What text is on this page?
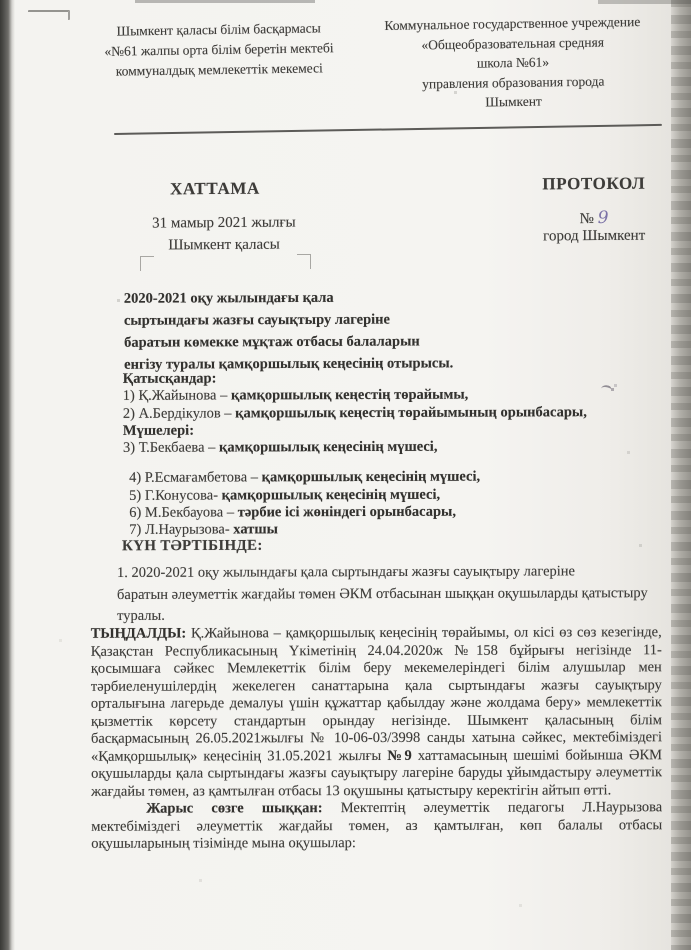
Шымкент қаласы білім басқармасы
«№61 жалпы орта білім беретін мектебі
коммуналдық мемлекеттік мекемесі
Коммунальное государственное учреждение
«Общеобразовательная средняя
школа №61»
управления образования города
Шымкент
ХАТТАМА	ПРОТОКОЛ
№ 9
город Шымкент
31 мамыр 2021 жылғы
Шымкент қаласы
2020-2021 оқу жылындағы қала
сыртындағы жазғы сауықтыру лагеріне
баратын көмекке мұқтаж отбасы балаларын
енгізу туралы қамқоршылық кеңесінің отырысы.
Қатысқандар:
1) Қ.Жайынова – қамқоршылық кеңестің төрайымы,
2) А.Бердікулов – қамқоршылық кеңестің төрайымының орынбасары,
Мүшелері:
3) Т.Бекбаева – қамқоршылық кеңесінің мүшесі,
4) Р.Есмағамбетова – қамқоршылық кеңесінің мүшесі,
5) Г.Конусова- қамқоршылық кеңесінің мүшесі,
6) М.Бекбауова – тәрбие ісі жөніндегі орынбасары,
7) Л.Наурызова- хатшы
КҮН ТӘРТІБІНДЕ:
1. 2020-2021 оқу жылындағы қала сыртындағы жазғы сауықтыру лагеріне
баратын әлеуметтік жағдайы төмен ӘКМ отбасынан шыққан оқушыларды қатыстыру
туралы.
ТЫҢДАЛДЫ: Қ.Жайынова – қамқоршылық кеңесінің төрайымы, ол кісі өз сөз кезегінде, Қазақстан Республикасының Үкіметінің 24.04.2020ж №158 бұйрығы негізінде 11-қосымшаға сәйкес Мемлекеттік білім беру мекемелеріндегі білім алушылар мен тәрбиеленушілердің жекелеген санаттарына қала сыртындағы жазғы сауықтыру орталығына лагерьде демалуы үшін құжаттар қабылдау және жолдама беру» мемлекеттік қызметтік көрсету стандартын орындау негізінде. Шымкент қаласының білім басқармасының 26.05.2021жылғы № 10-06-03/3998 санды хатына сәйкес, мектебіміздегі «Қамқоршылық» кеңесінің 31.05.2021 жылғы №9 хаттамасының шешімі бойынша ӘКМ оқушыларды қала сыртындағы жазғы сауықтыру лагеріне баруды ұйымдастыру әлеуметтік жағдайы төмен, аз қамтылған отбасы 13 оқушыны қатыстыру керектігін айтып өтті.
Жарыс сөзге шыққан: Мектептің әлеуметтік педагогы Л.Наурызова мектебіміздегі әлеуметтік жағдайы төмен, аз қамтылған, көп балалы отбасы оқушыларының тізімінде мына оқушылар:
